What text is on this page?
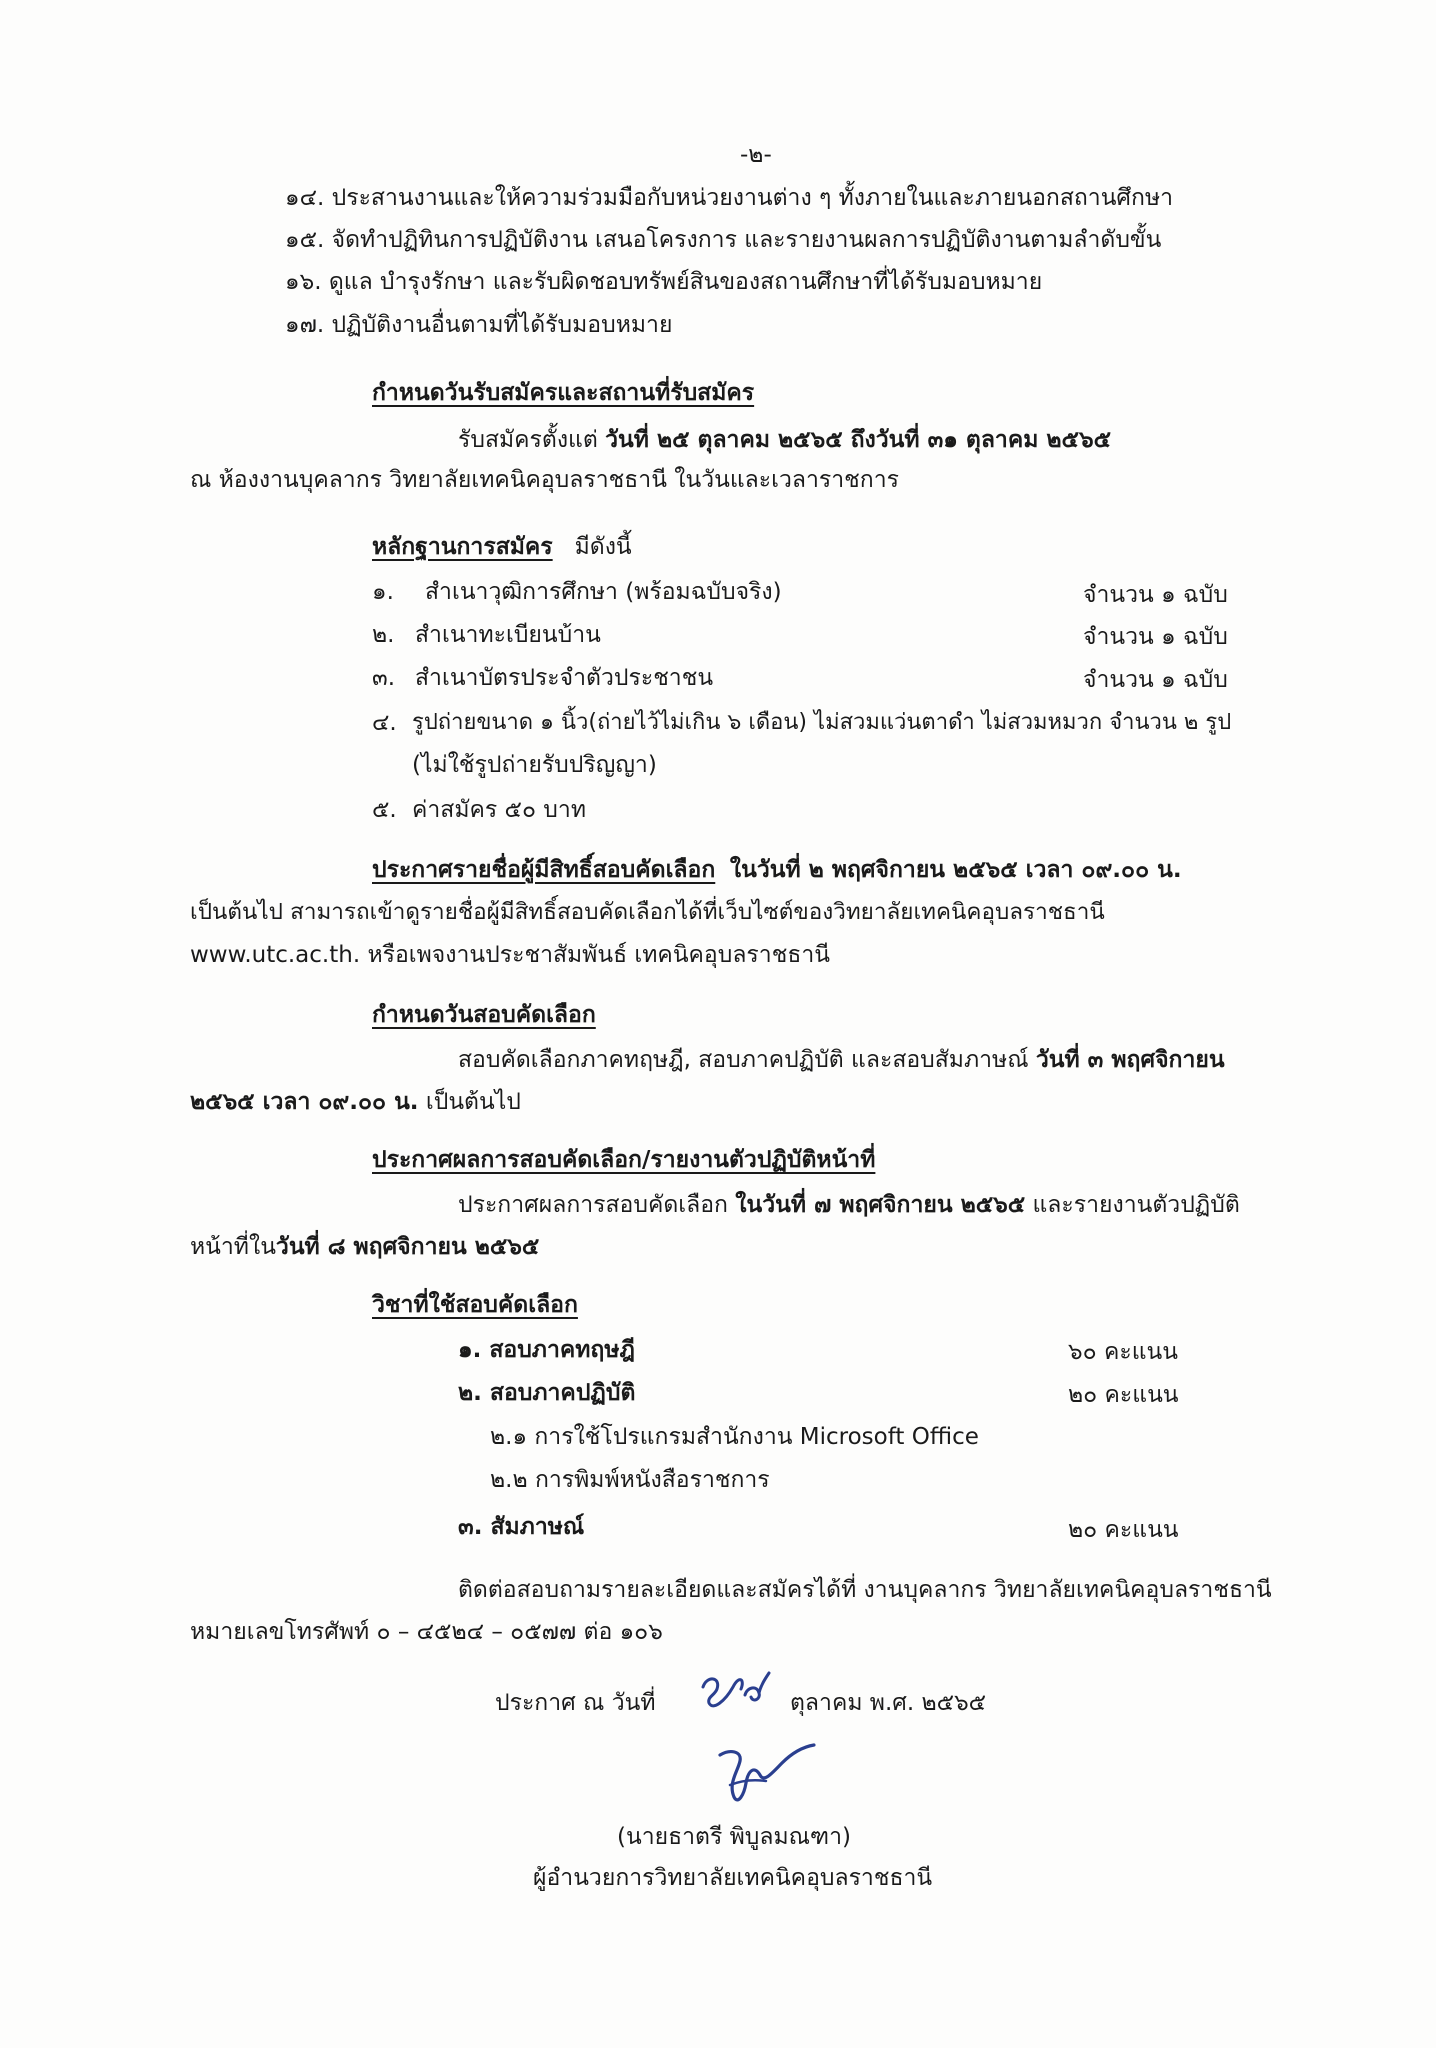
-๒-
๑๔. ประสานงานและให้ความร่วมมือกับหน่วยงานต่าง ๆ ทั้งภายในและภายนอกสถานศึกษา
๑๕. จัดทำปฏิทินการปฏิบัติงาน เสนอโครงการ และรายงานผลการปฏิบัติงานตามลำดับขั้น
๑๖. ดูแล บำรุงรักษา และรับผิดชอบทรัพย์สินของสถานศึกษาที่ได้รับมอบหมาย
๑๗. ปฏิบัติงานอื่นตามที่ได้รับมอบหมาย
กำหนดวันรับสมัครและสถานที่รับสมัคร
รับสมัครตั้งแต่ วันที่ ๒๕ ตุลาคม ๒๕๖๕ ถึงวันที่ ๓๑ ตุลาคม ๒๕๖๕
ณ ห้องงานบุคลากร วิทยาลัยเทคนิคอุบลราชธานี ในวันและเวลาราชการ
หลักฐานการสมัคร มีดังนี้
๑. สำเนาวุฒิการศึกษา (พร้อมฉบับจริง)	จำนวน ๑ ฉบับ
๒. สำเนาทะเบียนบ้าน	จำนวน ๑ ฉบับ
๓. สำเนาบัตรประจำตัวประชาชน	จำนวน ๑ ฉบับ
๔. รูปถ่ายขนาด ๑ นิ้ว(ถ่ายไว้ไม่เกิน ๖ เดือน) ไม่สวมแว่นตาดำ ไม่สวมหมวก จำนวน ๒ รูป
(ไม่ใช้รูปถ่ายรับปริญญา)
๕. ค่าสมัคร ๕๐ บาท
ประกาศรายชื่อผู้มีสิทธิ์สอบคัดเลือก ในวันที่ ๒ พฤศจิกายน ๒๕๖๕ เวลา ๐๙.๐๐ น.
เป็นต้นไป สามารถเข้าดูรายชื่อผู้มีสิทธิ์สอบคัดเลือกได้ที่เว็บไซต์ของวิทยาลัยเทคนิคอุบลราชธานี
www.utc.ac.th. หรือเพจงานประชาสัมพันธ์ เทคนิคอุบลราชธานี
กำหนดวันสอบคัดเลือก
สอบคัดเลือกภาคทฤษฎี, สอบภาคปฏิบัติ และสอบสัมภาษณ์ วันที่ ๓ พฤศจิกายน
๒๕๖๕ เวลา ๐๙.๐๐ น. เป็นต้นไป
ประกาศผลการสอบคัดเลือก/รายงานตัวปฏิบัติหน้าที่
ประกาศผลการสอบคัดเลือก ในวันที่ ๗ พฤศจิกายน ๒๕๖๕ และรายงานตัวปฏิบัติ
หน้าที่ในวันที่ ๘ พฤศจิกายน ๒๕๖๕
วิชาที่ใช้สอบคัดเลือก
๑. สอบภาคทฤษฎี	๖๐ คะแนน
๒. สอบภาคปฏิบัติ	๒๐ คะแนน
๒.๑ การใช้โปรแกรมสำนักงาน Microsoft Office
๒.๒ การพิมพ์หนังสือราชการ
๓. สัมภาษณ์	๒๐ คะแนน
ติดต่อสอบถามรายละเอียดและสมัครได้ที่ งานบุคลากร วิทยาลัยเทคนิคอุบลราชธานี
หมายเลขโทรศัพท์ ๐ – ๔๕๒๔ – ๐๕๗๗ ต่อ ๑๐๖
ประกาศ ณ วันที่	ตุลาคม พ.ศ. ๒๕๖๕
(นายธาตรี พิบูลมณฑา)
ผู้อำนวยการวิทยาลัยเทคนิคอุบลราชธานี
